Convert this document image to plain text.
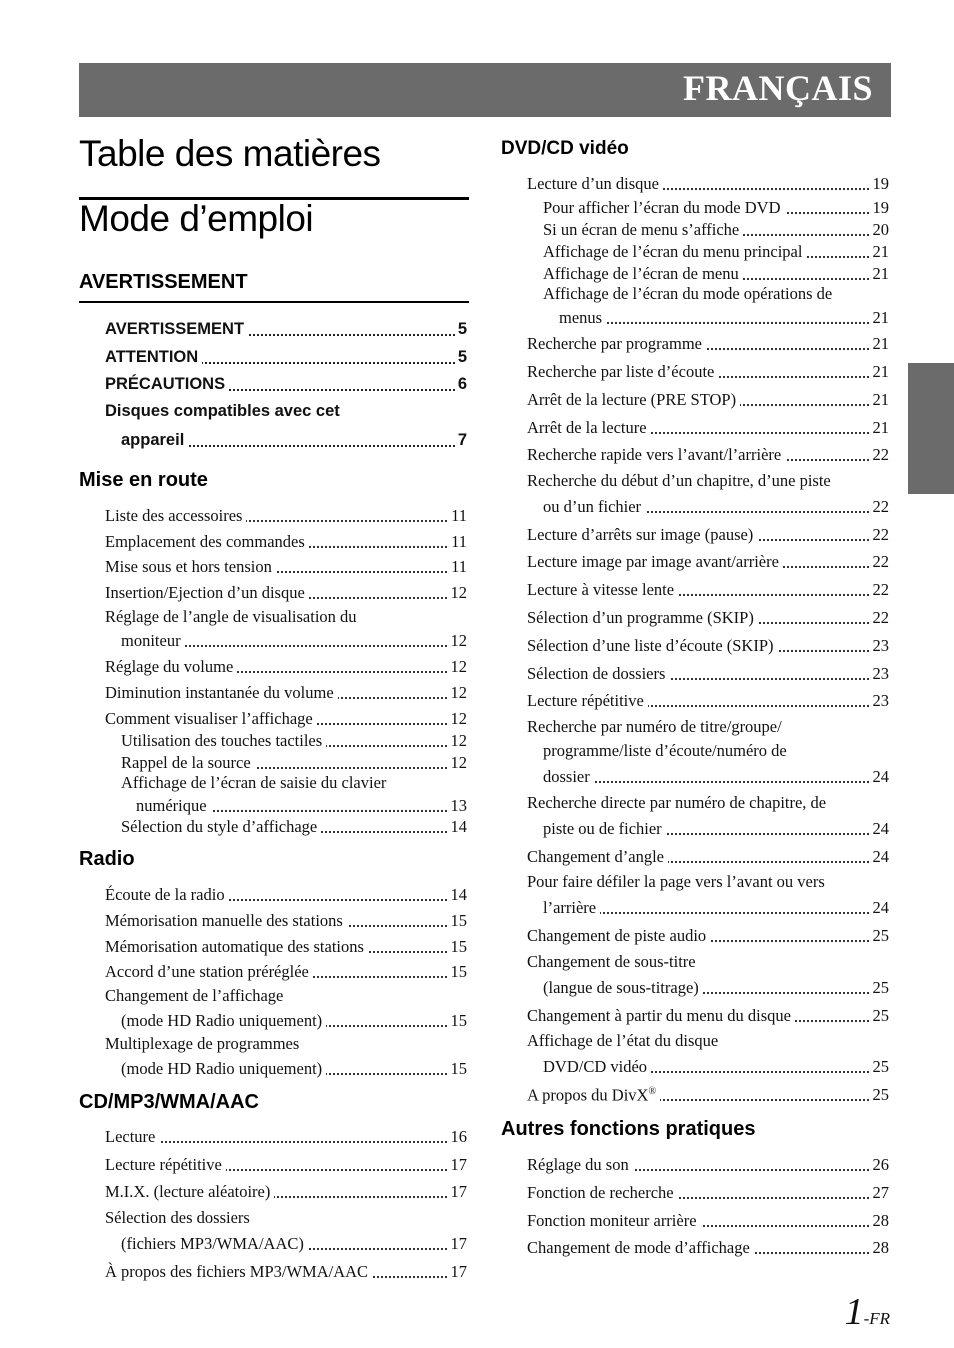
FRANÇAIS
Table des matières
Mode d’emploi
AVERTISSEMENT
AVERTISSEMENT	5
ATTENTION	5
PRÉCAUTIONS	6
Disques compatibles avec cet
appareil	7
Mise en route
Liste des accessoires	11
Emplacement des commandes	11
Mise sous et hors tension	11
Insertion/Ejection d’un disque	12
Réglage de l’angle de visualisation du
moniteur	12
Réglage du volume	12
Diminution instantanée du volume	12
Comment visualiser l’affichage	12
Utilisation des touches tactiles	12
Rappel de la source	12
Affichage de l’écran de saisie du clavier
numérique	13
Sélection du style d’affichage	14
Radio
Écoute de la radio	14
Mémorisation manuelle des stations	15
Mémorisation automatique des stations	15
Accord d’une station préréglée	15
Changement de l’affichage
(mode HD Radio uniquement)	15
Multiplexage de programmes
(mode HD Radio uniquement)	15
CD/MP3/WMA/AAC
Lecture	16
Lecture répétitive	17
M.I.X. (lecture aléatoire)	17
Sélection des dossiers
(fichiers MP3/WMA/AAC)	17
À propos des fichiers MP3/WMA/AAC	17
DVD/CD vidéo
Lecture d’un disque	19
Pour afficher l’écran du mode DVD	19
Si un écran de menu s’affiche	20
Affichage de l’écran du menu principal	21
Affichage de l’écran de menu	21
Affichage de l’écran du mode opérations de
menus	21
Recherche par programme	21
Recherche par liste d’écoute	21
Arrêt de la lecture (PRE STOP)	21
Arrêt de la lecture	21
Recherche rapide vers l’avant/l’arrière	22
Recherche du début d’un chapitre, d’une piste
ou d’un fichier	22
Lecture d’arrêts sur image (pause)	22
Lecture image par image avant/arrière	22
Lecture à vitesse lente	22
Sélection d’un programme (SKIP)	22
Sélection d’une liste d’écoute (SKIP)	23
Sélection de dossiers	23
Lecture répétitive	23
Recherche par numéro de titre/groupe/
programme/liste d’écoute/numéro de
dossier	24
Recherche directe par numéro de chapitre, de
piste ou de fichier	24
Changement d’angle	24
Pour faire défiler la page vers l’avant ou vers
l’arrière	24
Changement de piste audio	25
Changement de sous-titre
(langue de sous-titrage)	25
Changement à partir du menu du disque	25
Affichage de l’état du disque
DVD/CD vidéo	25
A propos du DivX®	25
Autres fonctions pratiques
Réglage du son	26
Fonction de recherche	27
Fonction moniteur arrière	28
Changement de mode d’affichage	28
1-FR
